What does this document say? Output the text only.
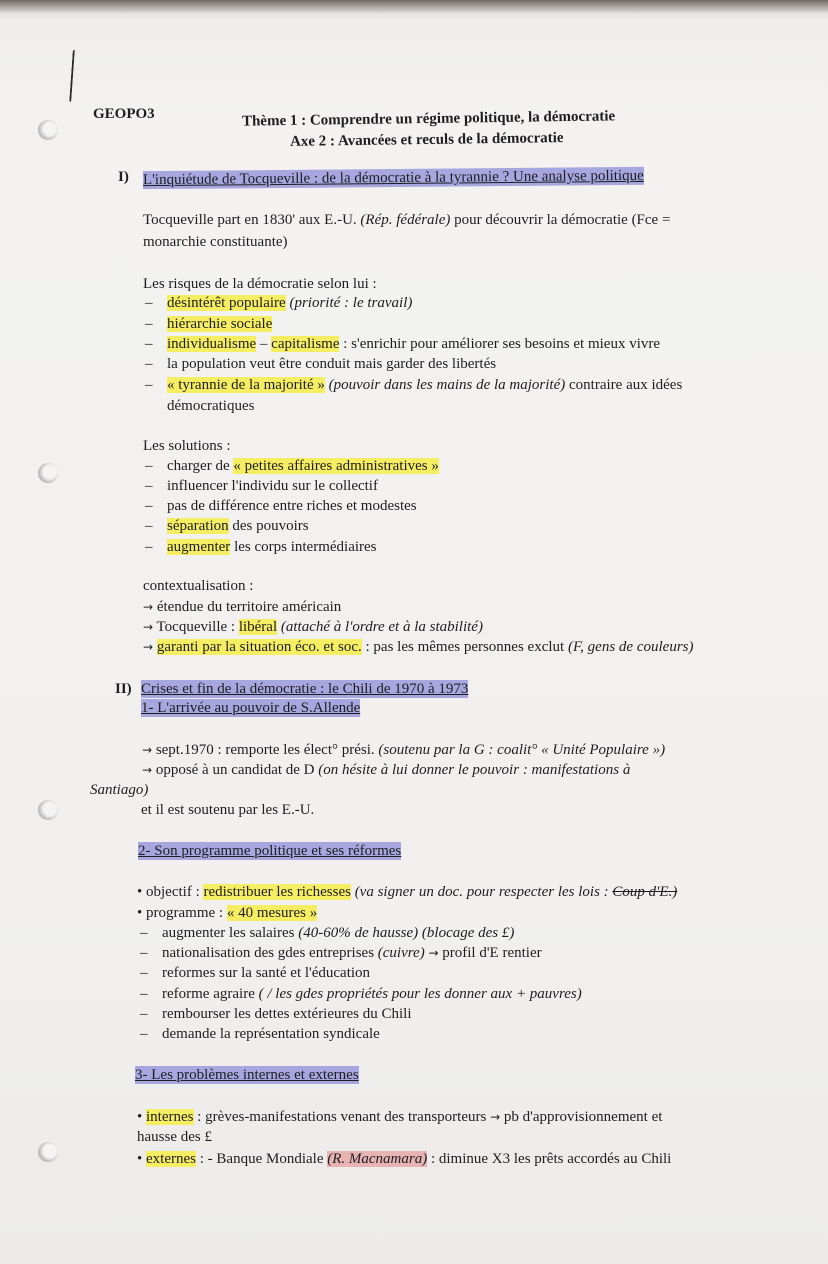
GEOPO3	Thème 1 : Comprendre un régime politique, la démocratie
Axe 2 : Avancées et reculs de la démocratie
I) L'inquiétude de Tocqueville : de la démocratie à la tyrannie ? Une analyse politique
Tocqueville part en 1830' aux E.-U. (Rép. fédérale) pour découvrir la démocratie (Fce =
monarchie constituante)
Les risques de la démocratie selon lui :
– désintérêt populaire (priorité : le travail)
– hiérarchie sociale
– individualisme – capitalisme : s'enrichir pour améliorer ses besoins et mieux vivre
– la population veut être conduit mais garder des libertés
– « tyrannie de la majorité » (pouvoir dans les mains de la majorité) contraire aux idées
démocratiques
Les solutions :
– charger de « petites affaires administratives »
– influencer l'individu sur le collectif
– pas de différence entre riches et modestes
– séparation des pouvoirs
– augmenter les corps intermédiaires
contextualisation :
→ étendue du territoire américain
→ Tocqueville : libéral (attaché à l'ordre et à la stabilité)
→ garanti par la situation éco. et soc. : pas les mêmes personnes exclut (F, gens de couleurs)
II) Crises et fin de la démocratie : le Chili de 1970 à 1973
1- L'arrivée au pouvoir de S.Allende
→ sept.1970 : remporte les élect° prési. (soutenu par la G : coalit° « Unité Populaire »)
→ opposé à un candidat de D (on hésite à lui donner le pouvoir : manifestations à
Santiago)
et il est soutenu par les E.-U.
2- Son programme politique et ses réformes
• objectif : redistribuer les richesses (va signer un doc. pour respecter les lois : Coup d'E.)
• programme : « 40 mesures »
– augmenter les salaires (40-60% de hausse) (blocage des £)
– nationalisation des gdes entreprises (cuivre) → profil d'E rentier
– reformes sur la santé et l'éducation
– reforme agraire ( / les gdes propriétés pour les donner aux + pauvres)
– rembourser les dettes extérieures du Chili
– demande la représentation syndicale
3- Les problèmes internes et externes
• internes : grèves-manifestations venant des transporteurs → pb d'approvisionnement et
hausse des £
• externes : - Banque Mondiale (R. Macnamara) : diminue X3 les prêts accordés au Chili
